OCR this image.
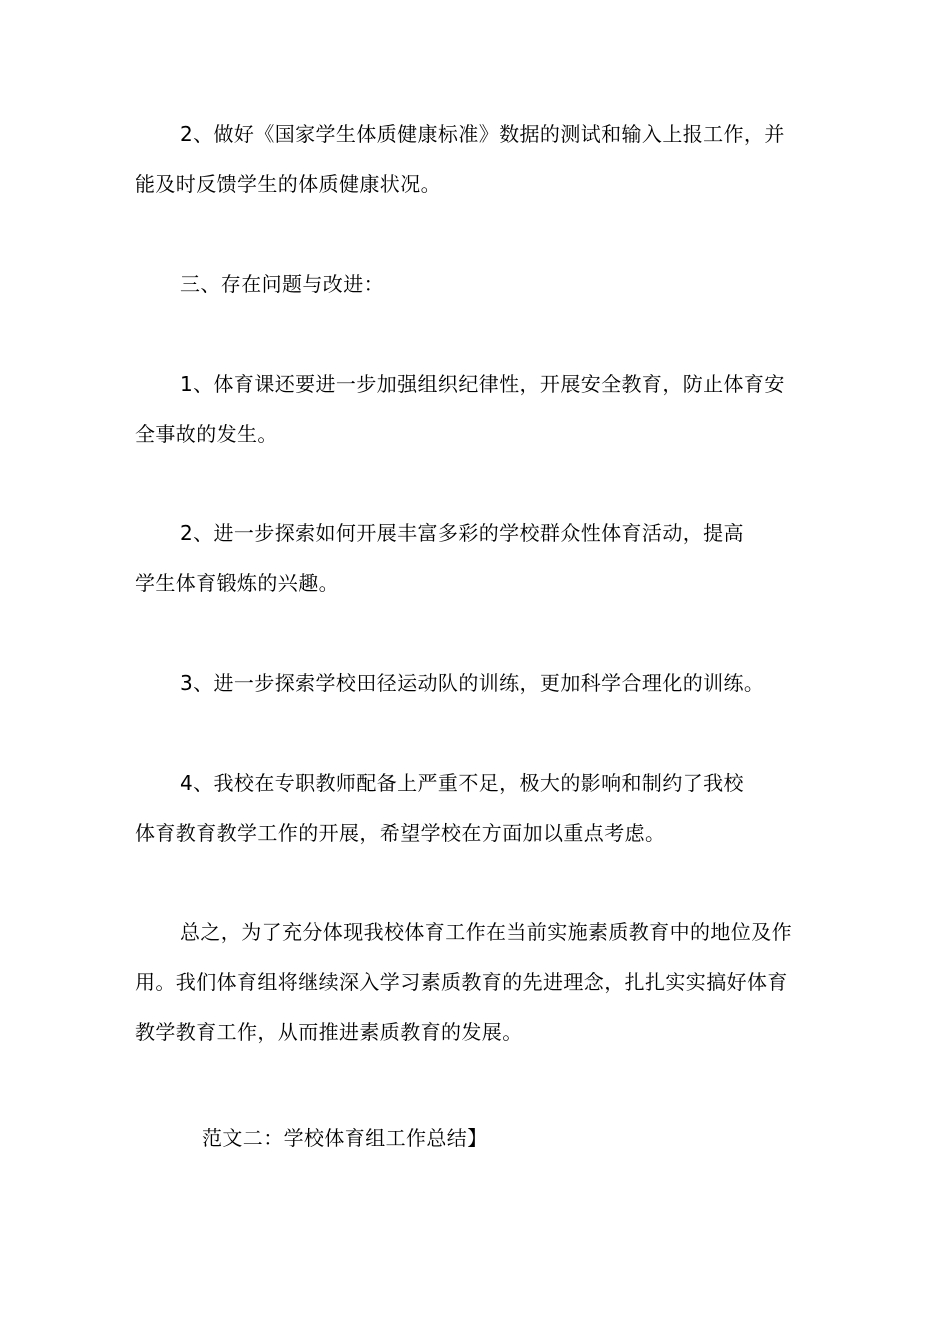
2、做好《国家学生体质健康标准》数据的测试和输入上报工作，并
能及时反馈学生的体质健康状况。
三、存在问题与改进：
1、体育课还要进一步加强组织纪律性，开展安全教育，防止体育安
全事故的发生。
2、进一步探索如何开展丰富多彩的学校群众性体育活动，提高
学生体育锻炼的兴趣。
3、进一步探索学校田径运动队的训练，更加科学合理化的训练。
4、我校在专职教师配备上严重不足，极大的影响和制约了我校
体育教育教学工作的开展，希望学校在方面加以重点考虑。
总之，为了充分体现我校体育工作在当前实施素质教育中的地位及作
用。我们体育组将继续深入学习素质教育的先进理念，扎扎实实搞好体育
教学教育工作，从而推进素质教育的发展。
范文二：学校体育组工作总结】
